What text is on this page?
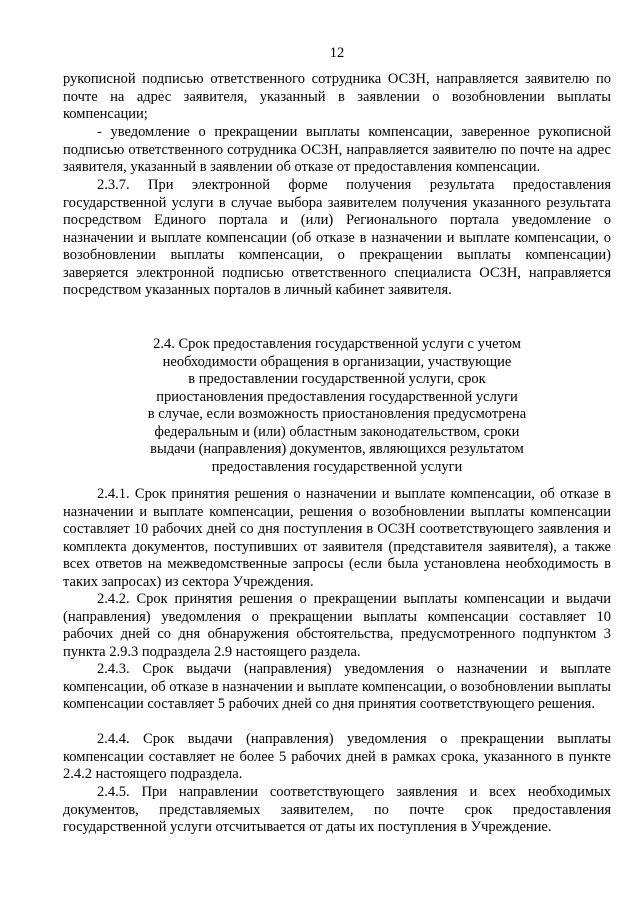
12

рукописной подписью ответственного сотрудника ОСЗН, направляется заявителю по почте на адрес заявителя, указанный в заявлении о возобновлении выплаты компенсации;

- уведомление о прекращении выплаты компенсации, заверенное рукописной подписью ответственного сотрудника ОСЗН, направляется заявителю по почте на адрес заявителя, указанный в заявлении об отказе от предоставления компенсации.

2.3.7. При электронной форме получения результата предоставления государственной услуги в случае выбора заявителем получения указанного результата посредством Единого портала и (или) Регионального портала уведомление о назначении и выплате компенсации (об отказе в назначении и выплате компенсации, о возобновлении выплаты компенсации, о прекращении выплаты компенсации) заверяется электронной подписью ответственного специалиста ОСЗН, направляется посредством указанных порталов в личный кабинет заявителя.

2.4. Срок предоставления государственной услуги с учетом
необходимости обращения в организации, участвующие
в предоставлении государственной услуги, срок
приостановления предоставления государственной услуги
в случае, если возможность приостановления предусмотрена
федеральным и (или) областным законодательством, сроки
выдачи (направления) документов, являющихся результатом
предоставления государственной услуги

2.4.1. Срок принятия решения о назначении и выплате компенсации, об отказе в назначении и выплате компенсации, решения о возобновлении выплаты компенсации составляет 10 рабочих дней со дня поступления в ОСЗН соответствующего заявления и комплекта документов, поступивших от заявителя (представителя заявителя), а также всех ответов на межведомственные запросы (если была установлена необходимость в таких запросах) из сектора Учреждения.

2.4.2. Срок принятия решения о прекращении выплаты компенсации и выдачи (направления) уведомления о прекращении выплаты компенсации составляет 10 рабочих дней со дня обнаружения обстоятельства, предусмотренного подпунктом 3 пункта 2.9.3 подраздела 2.9 настоящего раздела.

2.4.3. Срок выдачи (направления) уведомления о назначении и выплате компенсации, об отказе в назначении и выплате компенсации, о возобновлении выплаты компенсации составляет 5 рабочих дней со дня принятия соответствующего решения.

2.4.4. Срок выдачи (направления) уведомления о прекращении выплаты компенсации составляет не более 5 рабочих дней в рамках срока, указанного в пункте 2.4.2 настоящего подраздела.

2.4.5. При направлении соответствующего заявления и всех необходимых документов, представляемых заявителем, по почте срок предоставления государственной услуги отсчитывается от даты их поступления в Учреждение.
